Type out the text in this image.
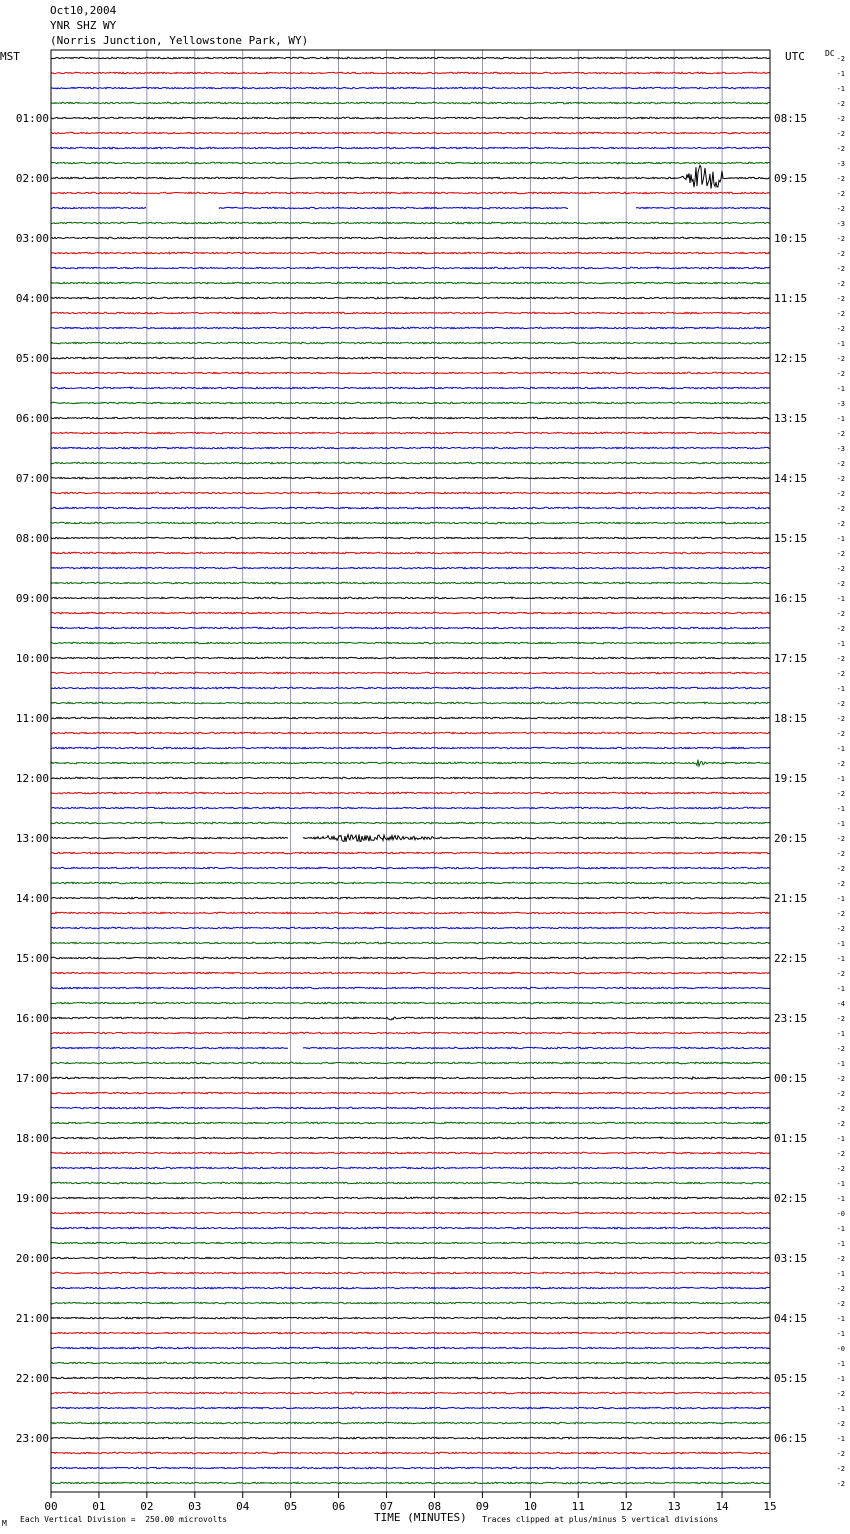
01:00
02:00
03:00
04:00
05:00
06:00
07:00
08:00
09:00
10:00
11:00
12:00
13:00
14:00
15:00
16:00
17:00
18:00
19:00
20:00
21:00
22:00
23:00
08:15
09:15
10:15
11:15
12:15
13:15
14:15
15:15
16:15
17:15
18:15
19:15
20:15
21:15
22:15
23:15
00:15
01:15
02:15
03:15
04:15
05:15
06:15
-2
-1
-1
-2
-2
-2
-2
-3
-2
-2
-2
-3
-2
-2
-2
-2
-2
-2
-2
-1
-2
-2
-1
-3
-1
-2
-3
-2
-2
-2
-2
-2
-1
-2
-2
-2
-1
-2
-2
-1
-2
-2
-1
-2
-2
-2
-1
-2
-1
-2
-1
-1
-2
-2
-2
-2
-1
-2
-2
-1
-1
-2
-1
-4
-2
-1
-2
-1
-2
-2
-2
-2
-1
-2
-2
-1
-1
-0
-1
-1
-2
-1
-2
-2
-1
-1
-0
-1
-1
-2
-1
-2
-1
-2
-2
-2
00	01	02	03	04	05	06	07	08	09	10	11	12	13	14	15
Oct10,2004
YNR SHZ WY
(Norris Junction, Yellowstone Park, WY)
MST	UTC	DC
TIME (MINUTES)
M Each Vertical Division =  250.00 microvolts	Traces clipped at plus/minus 5 vertical divisions
